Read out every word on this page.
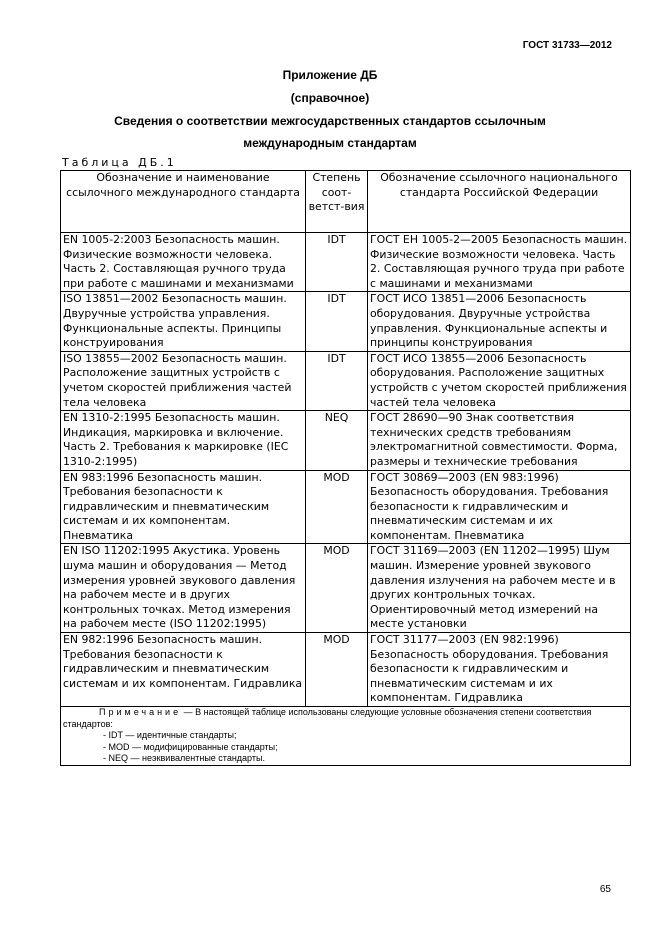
ГОСТ 31733—2012
Приложение ДБ
(справочное)
Сведения о соответствии межгосударственных стандартов ссылочным
международным стандартам
Таблица ДБ.1
Обозначение и наименование ссылочного международного стандарта	Степень соот-ветст-вия	Обозначение ссылочного национального стандарта Российской Федерации
EN 1005-2:2003 Безопасность машин. Физические возможности человека. Часть 2. Составляющая ручного труда при работе с машинами и механизмами	IDT	ГОСТ ЕН 1005-2—2005 Безопасность машин. Физические возможности человека. Часть 2. Составляющая ручного труда при работе с машинами и механизмами
ISO 13851—2002 Безопасность машин. Двуручные устройства управления. Функциональные аспекты. Принципы конструирования	IDT	ГОСТ ИСО 13851—2006 Безопасность оборудования. Двуручные устройства управления. Функциональные аспекты и принципы конструирования
ISO 13855—2002 Безопасность машин. Расположение защитных устройств с учетом скоростей приближения частей тела человека	IDT	ГОСТ ИСО 13855—2006 Безопасность оборудования. Расположение защитных устройств с учетом скоростей приближения частей тела человека
EN 1310-2:1995 Безопасность машин. Индикация, маркировка и включение. Часть 2. Требования к маркировке (IEC 1310-2:1995)	NEQ	ГОСТ 28690—90 Знак соответствия технических средств требованиям электромагнитной совместимости. Форма, размеры и технические требования
EN 983:1996 Безопасность машин. Требования безопасности к гидравлическим и пневматическим системам и их компонентам. Пневматика	MOD	ГОСТ 30869—2003 (EN 983:1996) Безопасность оборудования. Требования безопасности к гидравлическим и пневматическим системам и их компонентам. Пневматика
EN ISO 11202:1995 Акустика. Уровень шума машин и оборудования — Метод измерения уровней звукового давления на рабочем месте и в других контрольных точках. Метод измерения на рабочем месте (ISO 11202:1995)	MOD	ГОСТ 31169—2003 (EN 11202—1995) Шум машин. Измерение уровней звукового давления излучения на рабочем месте и в других контрольных точках. Ориентировочный метод измерений на месте установки
EN 982:1996 Безопасность машин. Требования безопасности к гидравлическим и пневматическим системам и их компонентам. Гидравлика	MOD	ГОСТ 31177—2003 (EN 982:1996) Безопасность оборудования. Требования безопасности к гидравлическим и пневматическим системам и их компонентам. Гидравлика

Примечание — В настоящей таблице использованы следующие условные обозначения степени соответствия стандартов:
- IDT — идентичные стандарты;
- MOD — модифицированные стандарты;
- NEQ — неэквивалентные стандарты.		
65
